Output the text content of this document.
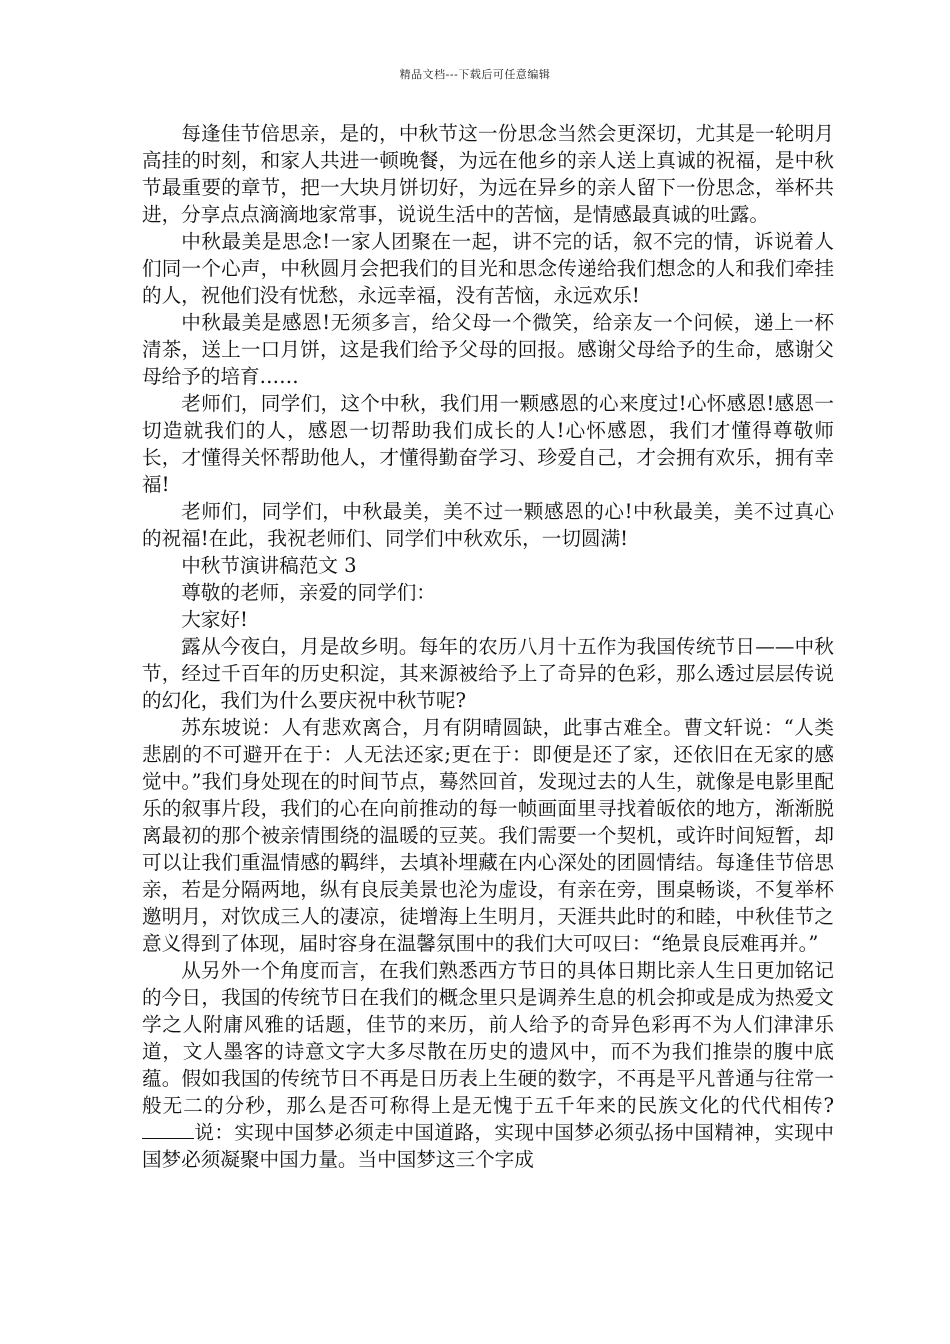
精品文档---下载后可任意编辑

每逢佳节倍思亲，是的，中秋节这一份思念当然会更深切，尤其是一轮明月高挂的时刻，和家人共进一顿晚餐，为远在他乡的亲人送上真诚的祝福，是中秋节最重要的章节，把一大块月饼切好，为远在异乡的亲人留下一份思念，举杯共进，分享点点滴滴地家常事，说说生活中的苦恼，是情感最真诚的吐露。

中秋最美是思念!一家人团聚在一起，讲不完的话，叙不完的情，诉说着人们同一个心声，中秋圆月会把我们的目光和思念传递给我们想念的人和我们牵挂的人，祝他们没有忧愁，永远幸福，没有苦恼，永远欢乐!

中秋最美是感恩!无须多言，给父母一个微笑，给亲友一个问候，递上一杯清茶，送上一口月饼，这是我们给予父母的回报。感谢父母给予的生命，感谢父母给予的培育……

老师们，同学们，这个中秋，我们用一颗感恩的心来度过!心怀感恩!感恩一切造就我们的人，感恩一切帮助我们成长的人!心怀感恩，我们才懂得尊敬师长，才懂得关怀帮助他人，才懂得勤奋学习、珍爱自己，才会拥有欢乐，拥有幸福!

老师们，同学们，中秋最美，美不过一颗感恩的心!中秋最美，美不过真心的祝福!在此，我祝老师们、同学们中秋欢乐，一切圆满!

中秋节演讲稿范文 3

尊敬的老师，亲爱的同学们：

大家好!

露从今夜白，月是故乡明。每年的农历八月十五作为我国传统节日——中秋节，经过千百年的历史积淀，其来源被给予上了奇异的色彩，那么透过层层传说的幻化，我们为什么要庆祝中秋节呢?

苏东坡说：人有悲欢离合，月有阴晴圆缺，此事古难全。曹文轩说：“人类悲剧的不可避开在于：人无法还家;更在于：即便是还了家，还依旧在无家的感觉中。”我们身处现在的时间节点，蓦然回首，发现过去的人生，就像是电影里配乐的叙事片段，我们的心在向前推动的每一帧画面里寻找着皈依的地方，渐渐脱离最初的那个被亲情围绕的温暖的豆荚。我们需要一个契机，或许时间短暂，却可以让我们重温情感的羁绊，去填补埋藏在内心深处的团圆情结。每逢佳节倍思亲，若是分隔两地，纵有良辰美景也沦为虚设，有亲在旁，围桌畅谈，不复举杯邀明月，对饮成三人的凄凉，徒增海上生明月，天涯共此时的和睦，中秋佳节之意义得到了体现，届时容身在温馨氛围中的我们大可叹曰：“绝景良辰难再并。”

从另外一个角度而言，在我们熟悉西方节日的具体日期比亲人生日更加铭记的今日，我国的传统节日在我们的概念里只是调养生息的机会抑或是成为热爱文学之人附庸风雅的话题，佳节的来历，前人给予的奇异色彩再不为人们津津乐道，文人墨客的诗意文字大多尽散在历史的遗风中，而不为我们推崇的腹中底蕴。假如我国的传统节日不再是日历表上生硬的数字，不再是平凡普通与往常一般无二的分秒，那么是否可称得上是无愧于五千年来的民族文化的代代相传?说：实现中国梦必须走中国道路，实现中国梦必须弘扬中国精神，实现中国梦必须凝聚中国力量。当中国梦这三个字成
